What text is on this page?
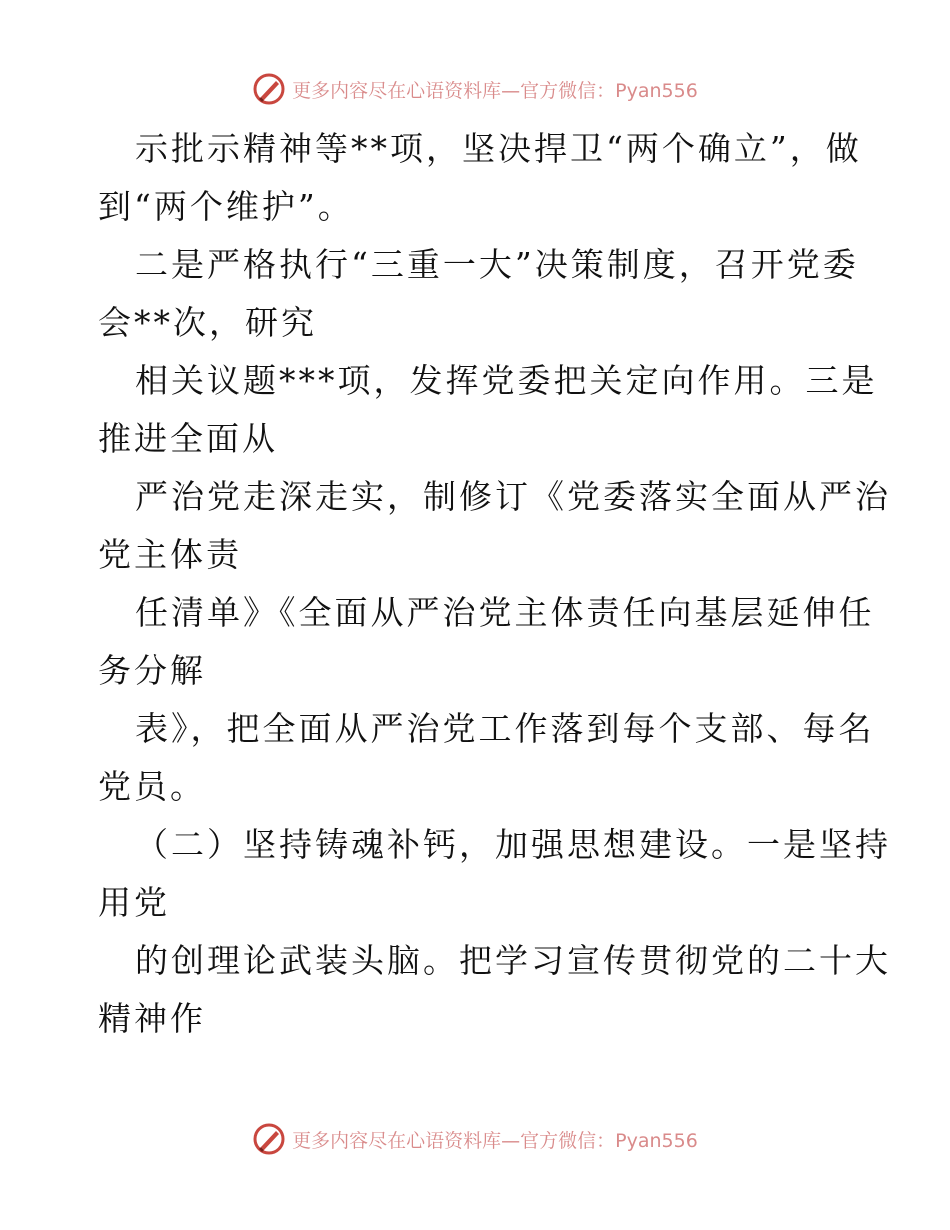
更多内容尽在心语资料库—官方微信：Pyan556
示批示精神等**项，坚决捍卫“两个确立”，做
到“两个维护”。
二是严格执行“三重一大”决策制度，召开党委
会**次，研究
相关议题***项，发挥党委把关定向作用。三是
推进全面从
严治党走深走实，制修订《党委落实全面从严治
党主体责
任清单》《全面从严治党主体责任向基层延伸任
务分解
表》，把全面从严治党工作落到每个支部、每名
党员。
（二）坚持铸魂补钙，加强思想建设。一是坚持
用党
的创理论武装头脑。把学习宣传贯彻党的二十大
精神作
更多内容尽在心语资料库—官方微信：Pyan556
